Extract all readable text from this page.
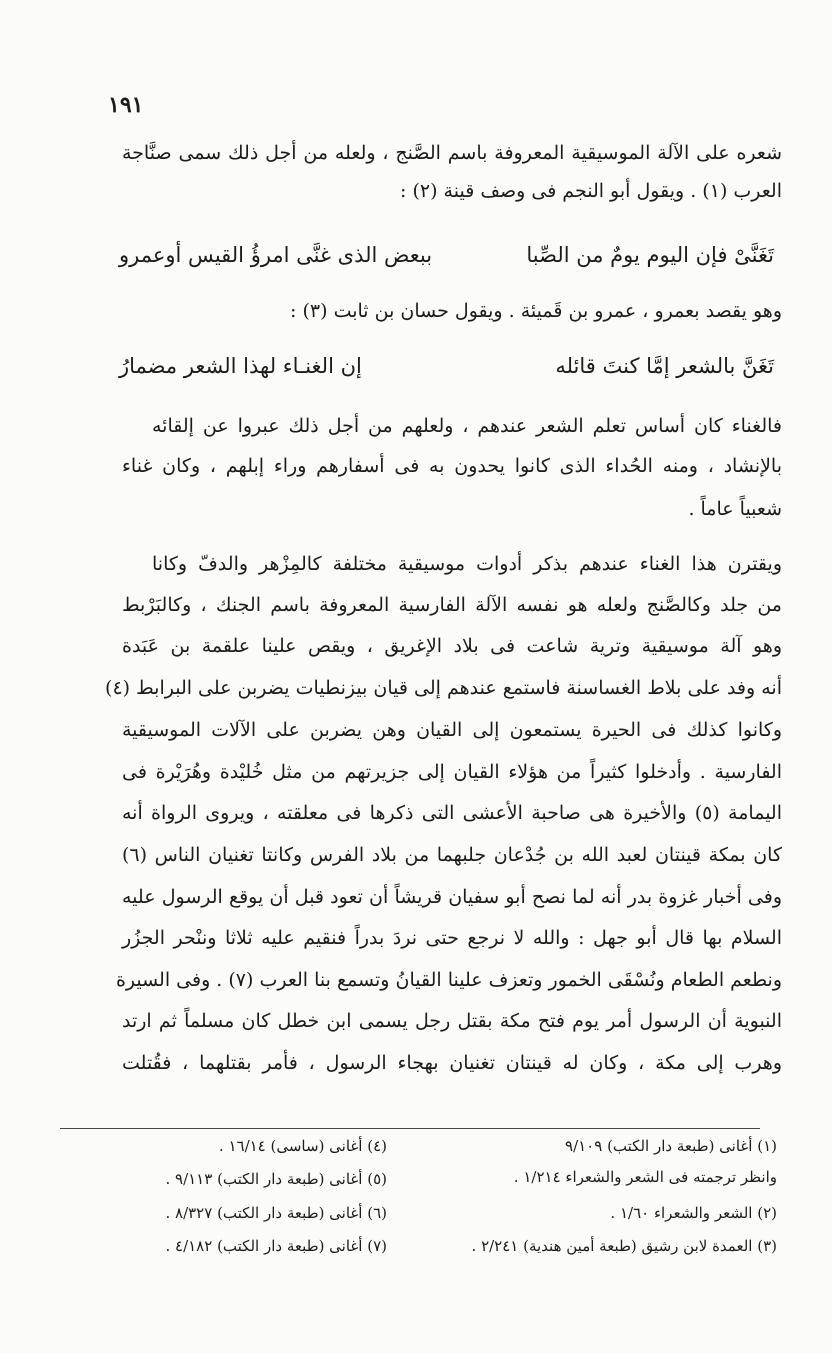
١٩١
شعره على الآلة الموسيقية المعروفة باسم الصَّنج ، ولعله من أجل ذلك سمى صنَّاجة
العرب (١) . ويقول أبو النجم فى وصف قينة (٢) :
تَغَنَّىْ فإن اليوم يومٌ من الصِّبا
ببعض الذى غنَّى امرؤُ القيس أوعمرو
وهو يقصد بعمرو ، عمرو بن قَميئة . ويقول حسان بن ثابت (٣) :
تَغَنَّ بالشعر إمَّا كنتَ قائله
إن الغنـاء لهذا الشعر مضمارُ
فالغناء كان أساس تعلم الشعر عندهم ، ولعلهم من أجل ذلك عبروا عن إلقائه
بالإنشاد ، ومنه الحُداء الذى كانوا يحدون به فى أسفارهم وراء إبلهم ، وكان غناء
شعبياً عاماً .
ويقترن هذا الغناء عندهم بذكر أدوات موسيقية مختلفة كالمِزْهر والدفّ وكانا
من جلد وكالصَّنج ولعله هو نفسه الآلة الفارسية المعروفة باسم الجنك ، وكالبَرْبط
وهو آلة موسيقية وترية شاعت فى بلاد الإغريق ، ويقص علينا علقمة بن عَبَدة
أنه وفد على بلاط الغساسنة فاستمع عندهم إلى قيان بيزنطيات يضربن على البرابط (٤)
وكانوا كذلك فى الحيرة يستمعون إلى القيان وهن يضربن على الآلات الموسيقية
الفارسية . وأدخلوا كثيراً من هؤلاء القيان إلى جزيرتهم من مثل خُليْدة وهُرَيْرة فى
اليمامة (٥) والأخيرة هى صاحبة الأعشى التى ذكرها فى معلقته ، ويروى الرواة أنه
كان بمكة قينتان لعبد الله بن جُدْعان جلبهما من بلاد الفرس وكانتا تغنيان الناس (٦)
وفى أخبار غزوة بدر أنه لما نصح أبو سفيان قريشاً أن تعود قبل أن يوقع الرسول عليه
السلام بها قال أبو جهل : والله لا نرجع حتى نردَ بدراً فنقيم عليه ثلاثا وننْحر الجزُر
ونطعم الطعام ونُسْقَى الخمور وتعزف علينا القيانُ وتسمع بنا العرب (٧) . وفى السيرة
النبوية أن الرسول أمر يوم فتح مكة بقتل رجل يسمى ابن خطل كان مسلماً ثم ارتد
وهرب إلى مكة ، وكان له قينتان تغنيان بهجاء الرسول ، فأمر بقتلهما ، فقُتلت
(١) أغانى (طبعة دار الكتب) ٩/١٠٩
وانظر ترجمته فى الشعر والشعراء ١/٢١٤ .
(٢) الشعر والشعراء ١/٦٠ .
(٣) العمدة لابن رشيق (طبعة أمين هندية) ٢/٢٤١ .
(٤) أغانى (ساسى) ١٦/١٤ .
(٥) أغانى (طبعة دار الكتب) ٩/١١٣ .
(٦) أغانى (طبعة دار الكتب) ٨/٣٢٧ .
(٧) أغانى (طبعة دار الكتب) ٤/١٨٢ .
